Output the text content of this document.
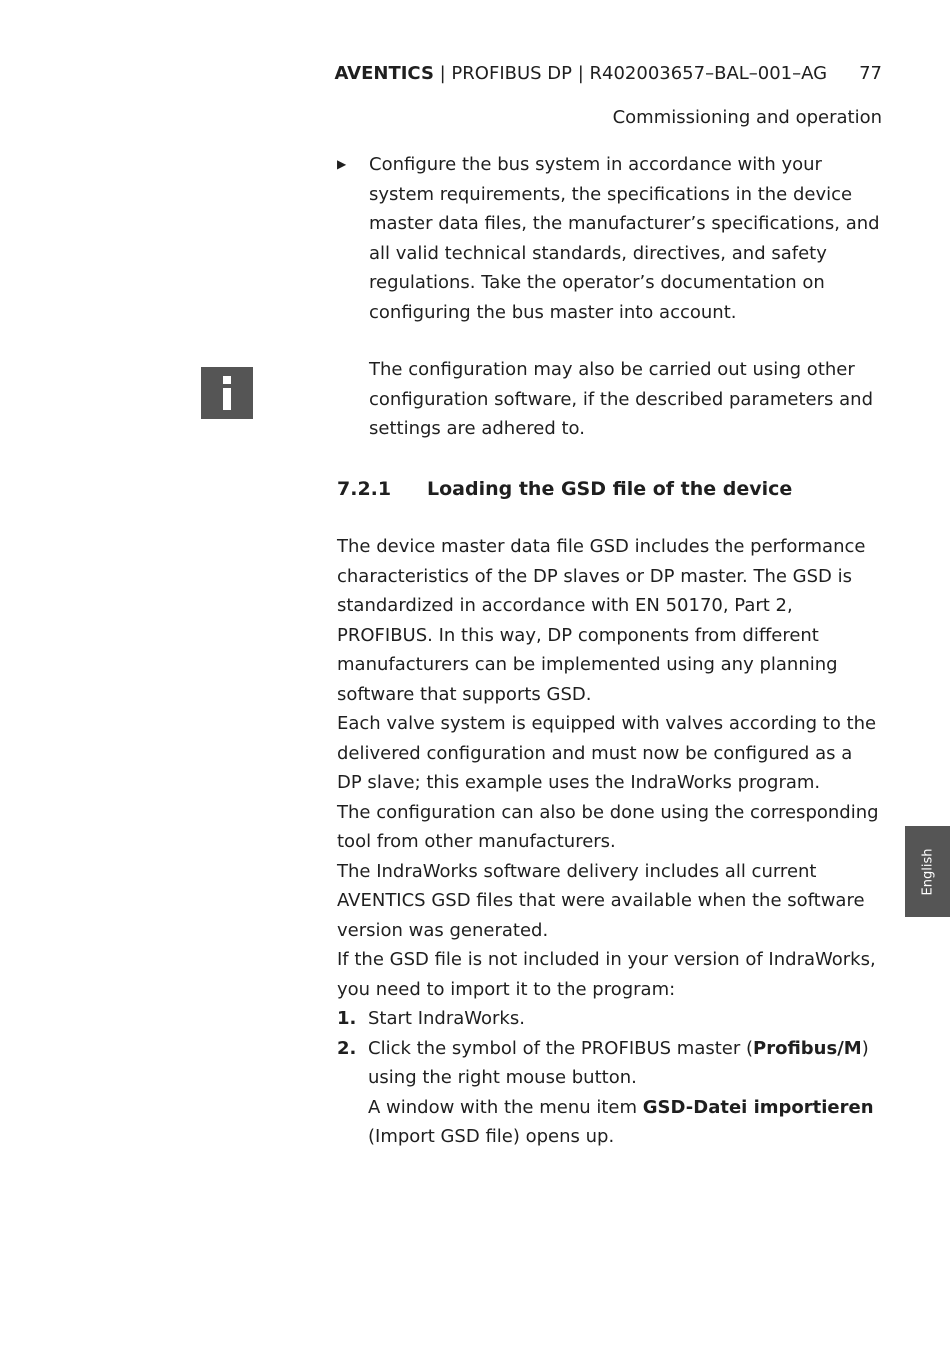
AVENTICS | PROFIBUS DP | R402003657–BAL–001–AG 77
Commissioning and operation
▶ Configure the bus system in accordance with your system requirements, the specifications in the device master data files, the manufacturer’s specifications, and all valid technical standards, directives, and safety regulations. Take the operator’s documentation on configuring the bus master into account.
The configuration may also be carried out using other configuration software, if the described parameters and settings are adhered to.
7.2.1 Loading the GSD file of the device

The device master data file GSD includes the performance characteristics of the DP slaves or DP master. The GSD is standardized in accordance with EN 50170, Part 2, PROFIBUS. In this way, DP components from different manufacturers can be implemented using any planning software that supports GSD.

Each valve system is equipped with valves according to the delivered configuration and must now be configured as a DP slave; this example uses the IndraWorks program.

The configuration can also be done using the corresponding tool from other manufacturers.

The IndraWorks software delivery includes all current AVENTICS GSD files that were available when the software version was generated.

If the GSD file is not included in your version of IndraWorks, you need to import it to the program:

1. Start IndraWorks.
2. Click the symbol of the PROFIBUS master (Profibus/M) using the right mouse button.
A window with the menu item GSD-Datei importieren (Import GSD file) opens up.
English
